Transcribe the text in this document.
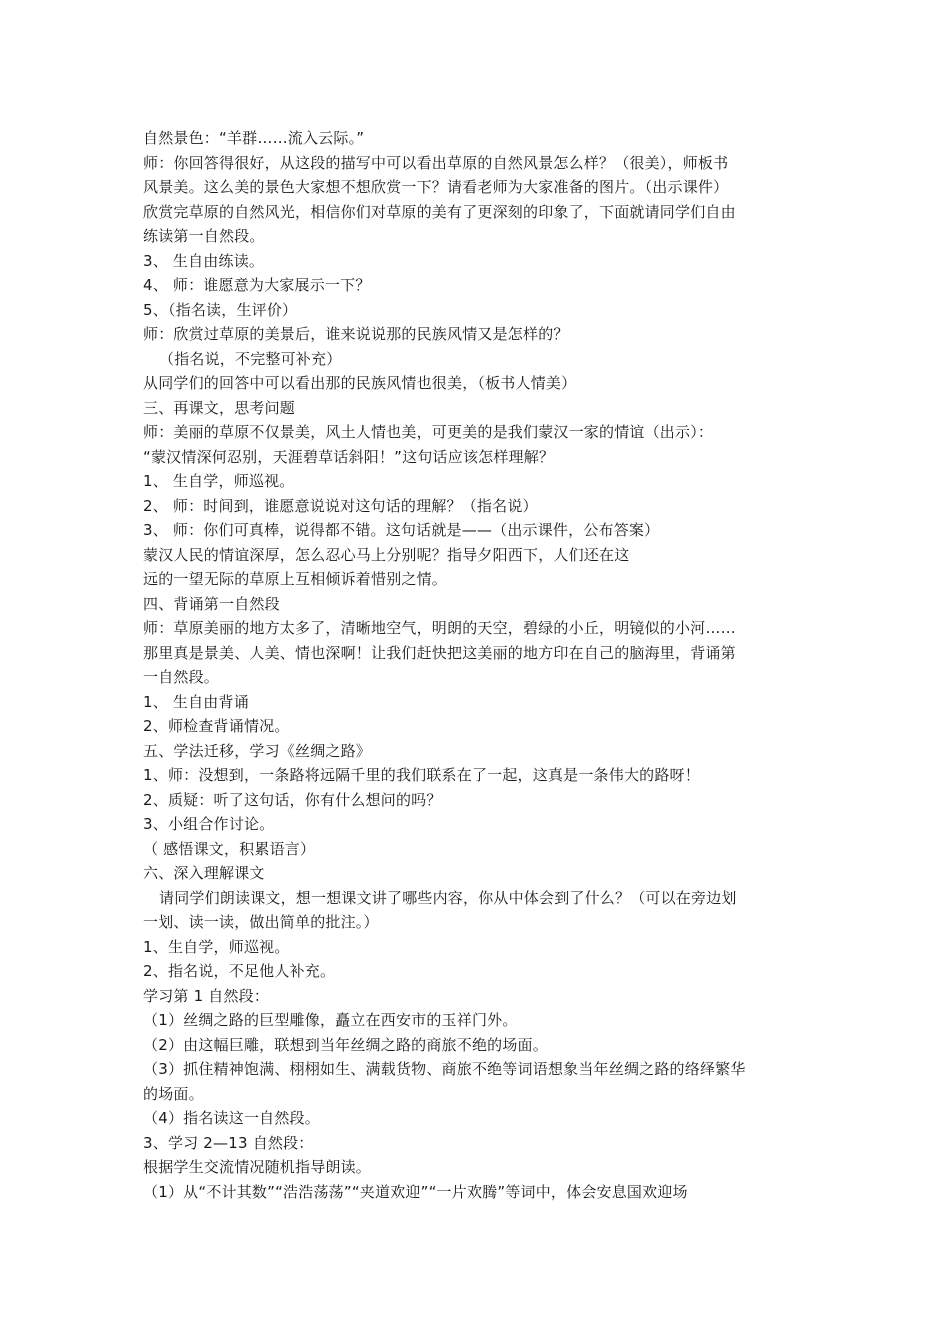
自然景色：“羊群……流入云际。”
师：你回答得很好，从这段的描写中可以看出草原的自然风景怎么样？（很美），师板书
风景美。这么美的景色大家想不想欣赏一下？请看老师为大家准备的图片。（出示课件）
欣赏完草原的自然风光，相信你们对草原的美有了更深刻的印象了，下面就请同学们自由
练读第一自然段。
3、 生自由练读。
4、 师：谁愿意为大家展示一下？
5、（指名读，生评价）
师：欣赏过草原的美景后，谁来说说那的民族风情又是怎样的？
（指名说，不完整可补充）
从同学们的回答中可以看出那的民族风情也很美，（板书人情美）
三、再课文，思考问题
师：美丽的草原不仅景美，风土人情也美，可更美的是我们蒙汉一家的情谊（出示）：
“蒙汉情深何忍别，天涯碧草话斜阳！”这句话应该怎样理解？
1、 生自学，师巡视。
2、 师：时间到，谁愿意说说对这句话的理解？（指名说）
3、 师：你们可真棒，说得都不错。这句话就是——（出示课件，公布答案）
蒙汉人民的情谊深厚，怎么忍心马上分别呢？指导夕阳西下，人们还在这
远的一望无际的草原上互相倾诉着惜别之情。
四、背诵第一自然段
师：草原美丽的地方太多了，清晰地空气，明朗的天空，碧绿的小丘，明镜似的小河……
那里真是景美、人美、情也深啊！让我们赶快把这美丽的地方印在自己的脑海里，背诵第
一自然段。
1、 生自由背诵
2、师检查背诵情况。
五、学法迁移，学习《丝绸之路》
1、师：没想到，一条路将远隔千里的我们联系在了一起，这真是一条伟大的路呀！
2、质疑：听了这句话，你有什么想问的吗？
3、小组合作讨论。
（ 感悟课文，积累语言）
六、深入理解课文
请同学们朗读课文，想一想课文讲了哪些内容，你从中体会到了什么？（可以在旁边划
一划、读一读，做出简单的批注。）
1、生自学，师巡视。
2、指名说，不足他人补充。
学习第 1 自然段：
（1）丝绸之路的巨型雕像，矗立在西安市的玉祥门外。
（2）由这幅巨雕，联想到当年丝绸之路的商旅不绝的场面。
（3）抓住精神饱满、栩栩如生、满载货物、商旅不绝等词语想象当年丝绸之路的络绎繁华
的场面。
（4）指名读这一自然段。
3、学习 2—13 自然段：
根据学生交流情况随机指导朗读。
（1）从“不计其数”“浩浩荡荡”“夹道欢迎”“一片欢腾”等词中，体会安息国欢迎场
